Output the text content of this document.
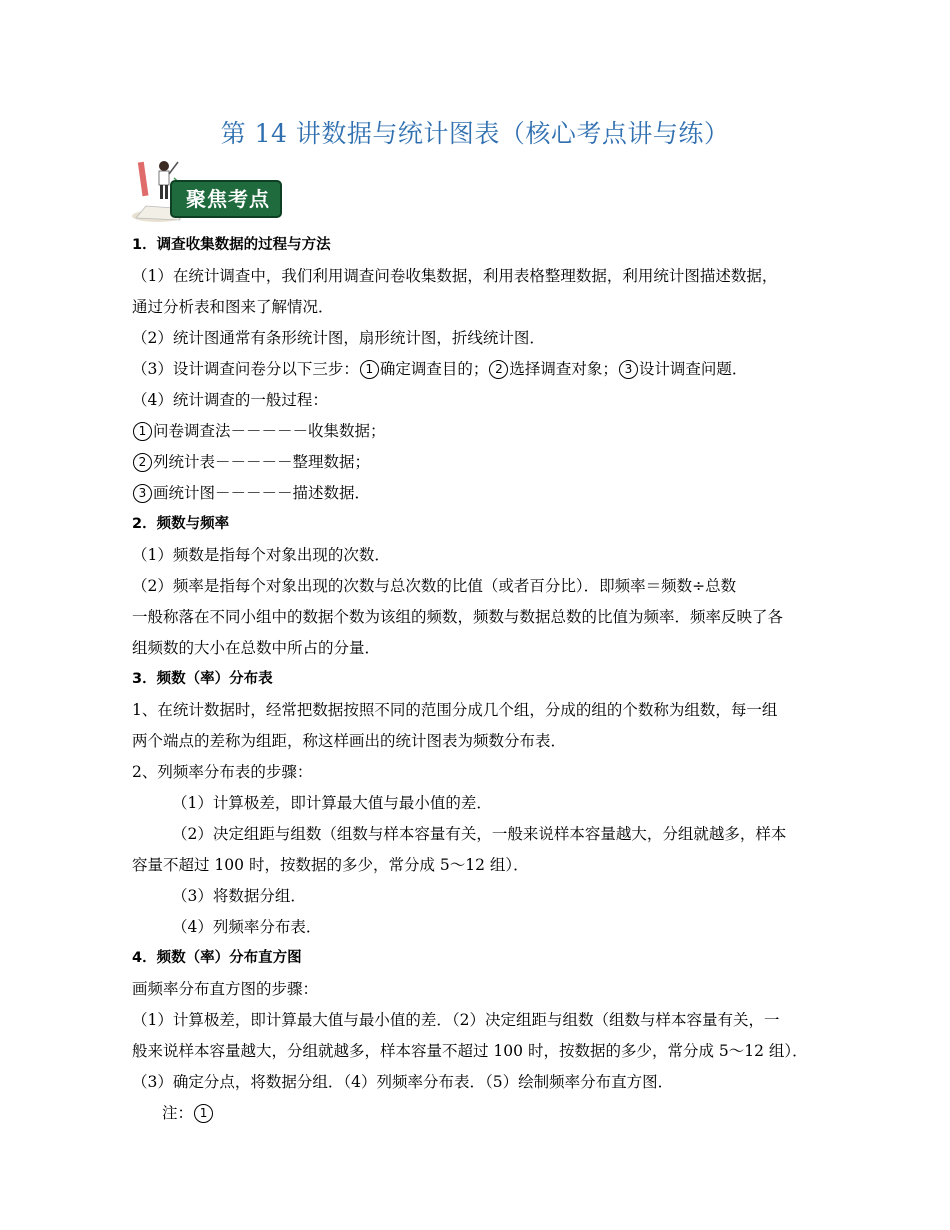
第 14 讲数据与统计图表（核心考点讲与练）
聚焦考点

1．调查收集数据的过程与方法

（1）在统计调查中，我们利用调查问卷收集数据，利用表格整理数据，利用统计图描述数据，

通过分析表和图来了解情况．

（2）统计图通常有条形统计图，扇形统计图，折线统计图．

（3）设计调查问卷分以下三步： 1 确定调查目的； 2 选择调查对象； 3 设计调查问题．

（4）统计调查的一般过程：

1 问卷调查法－－－－－收集数据；

2 列统计表－－－－－整理数据；

3 画统计图－－－－－描述数据．

2．频数与频率

（1）频数是指每个对象出现的次数．

（2）频率是指每个对象出现的次数与总次数的比值（或者百分比）．即频率＝频数÷总数

一般称落在不同小组中的数据个数为该组的频数，频数与数据总数的比值为频率．频率反映了各

组频数的大小在总数中所占的分量．

3．频数（率）分布表

1、在统计数据时，经常把数据按照不同的范围分成几个组，分成的组的个数称为组数，每一组

两个端点的差称为组距，称这样画出的统计图表为频数分布表．

2、列频率分布表的步骤：

（1）计算极差，即计算最大值与最小值的差．

（2）决定组距与组数（组数与样本容量有关，一般来说样本容量越大，分组就越多，样本

容量不超过 100 时，按数据的多少，常分成 5～12 组）．

（3）将数据分组．

（4）列频率分布表．

4．频数（率）分布直方图

画频率分布直方图的步骤：

（1）计算极差，即计算最大值与最小值的差．（2）决定组距与组数（组数与样本容量有关，一

般来说样本容量越大，分组就越多，样本容量不超过 100 时，按数据的多少，常分成 5～12 组）．

（3）确定分点，将数据分组．（4）列频率分布表．（5）绘制频率分布直方图．

注： 1
